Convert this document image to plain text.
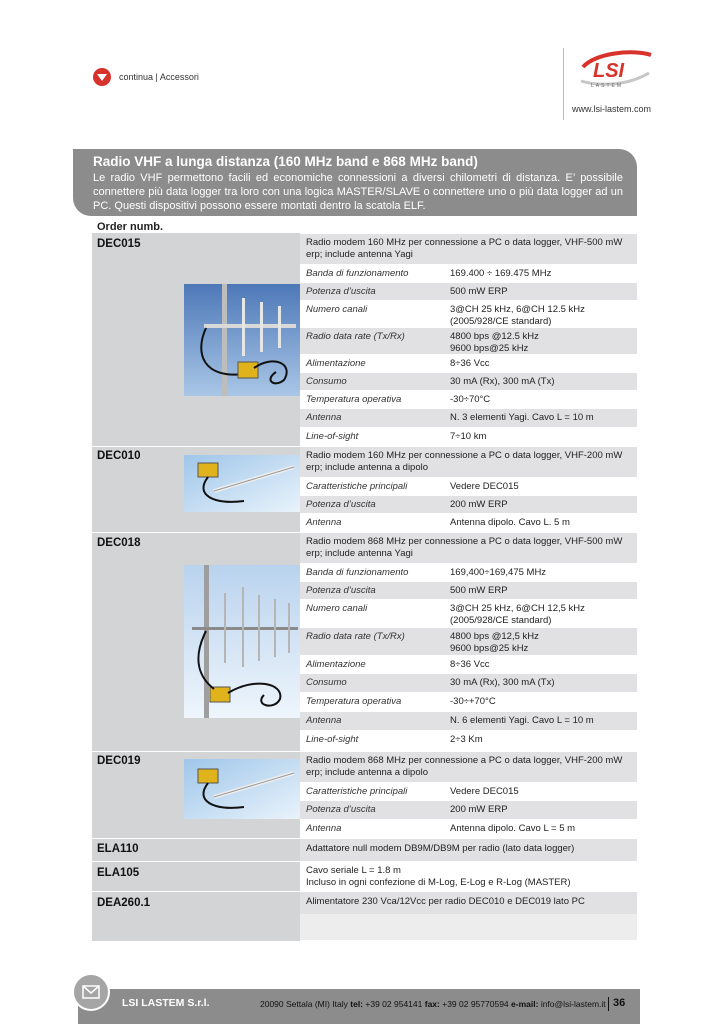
continua | Accessori	LSI
LASTEM
www.lsi-lastem.com
Radio VHF a lunga distanza (160 MHz band e 868 MHz band)
Le radio VHF permettono facili ed economiche connessioni a diversi chilometri di distanza. E’ possibile connettere più data logger tra loro con una logica MASTER/SLAVE o connettere uno o più data logger ad un PC. Questi dispositivi possono essere montati dentro la scatola ELF.
Order numb.
DEC015	Radio modem 160 MHz per connessione a PC o data logger, VHF-500 mW erp; include antenna Yagi
Banda di funzionamento	169.400 ÷ 169.475 MHz
Potenza d’uscita	500 mW ERP
Numero canali	3@CH 25 kHz, 6@CH 12.5 kHz (2005/928/CE standard)
Radio data rate (Tx/Rx)	4800 bps @12.5 kHz
9600 bps@25 kHz
Alimentazione	8÷36 Vcc
Consumo	30 mA (Rx), 300 mA (Tx)
Temperatura operativa	-30÷70°C
Antenna	N. 3 elementi Yagi. Cavo L = 10 m
Line-of-sight	7÷10 km
DEC010	Radio modem 160 MHz per connessione a PC o data logger, VHF-200 mW erp; include antenna a dipolo
Caratteristiche principali	Vedere DEC015
Potenza d’uscita	200 mW ERP
Antenna	Antenna dipolo. Cavo L. 5 m
DEC018	Radio modem 868 MHz per connessione a PC o data logger, VHF-500 mW erp; include antenna Yagi
Banda di funzionamento	169,400÷169,475 MHz
Potenza d’uscita	500 mW ERP
Numero canali	3@CH 25 kHz, 6@CH 12,5 kHz (2005/928/CE standard)
Radio data rate (Tx/Rx)	4800 bps @12,5 kHz
9600 bps@25 kHz
Alimentazione	8÷36 Vcc
Consumo	30 mA (Rx), 300 mA (Tx)
Temperatura operativa	-30÷+70°C
Antenna	N. 6 elementi Yagi. Cavo L = 10 m
Line-of-sight	2÷3 Km
DEC019	Radio modem 868 MHz per connessione a PC o data logger, VHF-200 mW erp; include antenna a dipolo
Caratteristiche principali	Vedere DEC015
Potenza d’uscita	200 mW ERP
Antenna	Antenna dipolo. Cavo L = 5 m
ELA110	Adattatore null modem DB9M/DB9M per radio (lato data logger)
ELA105	Cavo seriale L = 1.8 m
Incluso in ogni confezione di M-Log, E-Log e R-Log (MASTER)
DEA260.1	Alimentatore 230 Vca/12Vcc per radio DEC010 e DEC019 lato PC
LSI LASTEM S.r.l.	20090 Settala (MI) Italy tel: +39 02 954141 fax: +39 02 95770594 e-mail: info@lsi-lastem.it 36
